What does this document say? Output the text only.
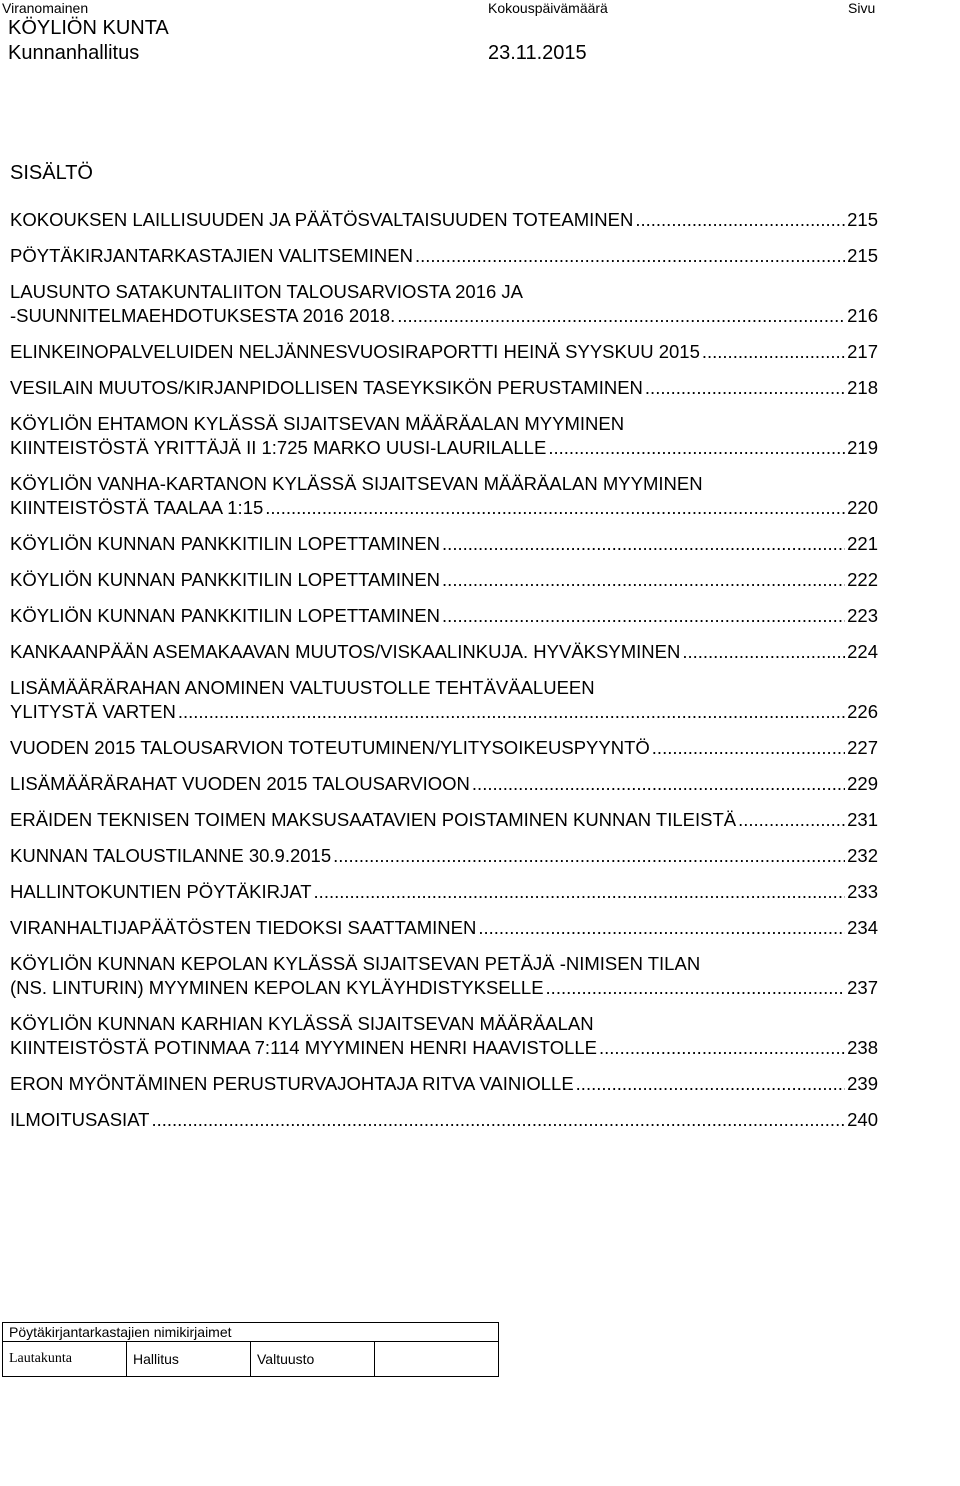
Viranomainen	Kokouspäivämäärä	Sivu
KÖYLIÖN KUNTA
Kunnanhallitus	23.11.2015
SISÄLTÖ
KOKOUKSEN LAILLISUUDEN JA PÄÄTÖSVALTAISUUDEN TOTEAMINEN .....	215
PÖYTÄKIRJANTARKASTAJIEN VALITSEMINEN .....	215
LAUSUNTO SATAKUNTALIITON TALOUSARVIOSTA 2016 JA
-SUUNNITELMAEHDOTUKSESTA 2016 2018. .....	216
ELINKEINOPALVELUIDEN NELJÄNNESVUOSIRAPORTTI HEINÄ SYYSKUU 2015 .....	217
VESILAIN MUUTOS/KIRJANPIDOLLISEN TASEYKSIKÖN PERUSTAMINEN .....	218
KÖYLIÖN EHTAMON KYLÄSSÄ SIJAITSEVAN MÄÄRÄALAN MYYMINEN
KIINTEISTÖSTÄ YRITTÄJÄ II 1:725 MARKO UUSI-LAURILALLE .....	219
KÖYLIÖN VANHA-KARTANON KYLÄSSÄ SIJAITSEVAN MÄÄRÄALAN MYYMINEN
KIINTEISTÖSTÄ TAALAA 1:15 .....	220
KÖYLIÖN KUNNAN PANKKITILIN LOPETTAMINEN .....	221
KÖYLIÖN KUNNAN PANKKITILIN LOPETTAMINEN .....	222
KÖYLIÖN KUNNAN PANKKITILIN LOPETTAMINEN .....	223
KANKAANPÄÄN ASEMAKAAVAN MUUTOS/VISKAALINKUJA. HYVÄKSYMINEN .....	224
LISÄMÄÄRÄRAHAN ANOMINEN VALTUUSTOLLE TEHTÄVÄALUEEN
YLITYSTÄ VARTEN .....	226
VUODEN 2015 TALOUSARVION TOTEUTUMINEN/YLITYSOIKEUSPYYNTÖ .....	227
LISÄMÄÄRÄRAHAT VUODEN 2015 TALOUSARVIOON .....	229
ERÄIDEN TEKNISEN TOIMEN MAKSUSAATAVIEN POISTAMINEN KUNNAN TILEISTÄ .....	231
KUNNAN TALOUSTILANNE 30.9.2015 .....	232
HALLINTOKUNTIEN PÖYTÄKIRJAT .....	233
VIRANHALTIJAPÄÄTÖSTEN TIEDOKSI SAATTAMINEN .....	234
KÖYLIÖN KUNNAN KEPOLAN KYLÄSSÄ SIJAITSEVAN PETÄJÄ -NIMISEN TILAN
(NS. LINTURIN) MYYMINEN KEPOLAN KYLÄYHDISTYKSELLE .....	237
KÖYLIÖN KUNNAN KARHIAN KYLÄSSÄ SIJAITSEVAN MÄÄRÄALAN
KIINTEISTÖSTÄ POTINMAA 7:114 MYYMINEN HENRI HAAVISTOLLE .....	238
ERON MYÖNTÄMINEN PERUSTURVAJOHTAJA RITVA VAINIOLLE .....	239
ILMOITUSASIAT .....	240
Pöytäkirjantarkastajien nimikirjaimet
Lautakunta	Hallitus	Valtuusto	
